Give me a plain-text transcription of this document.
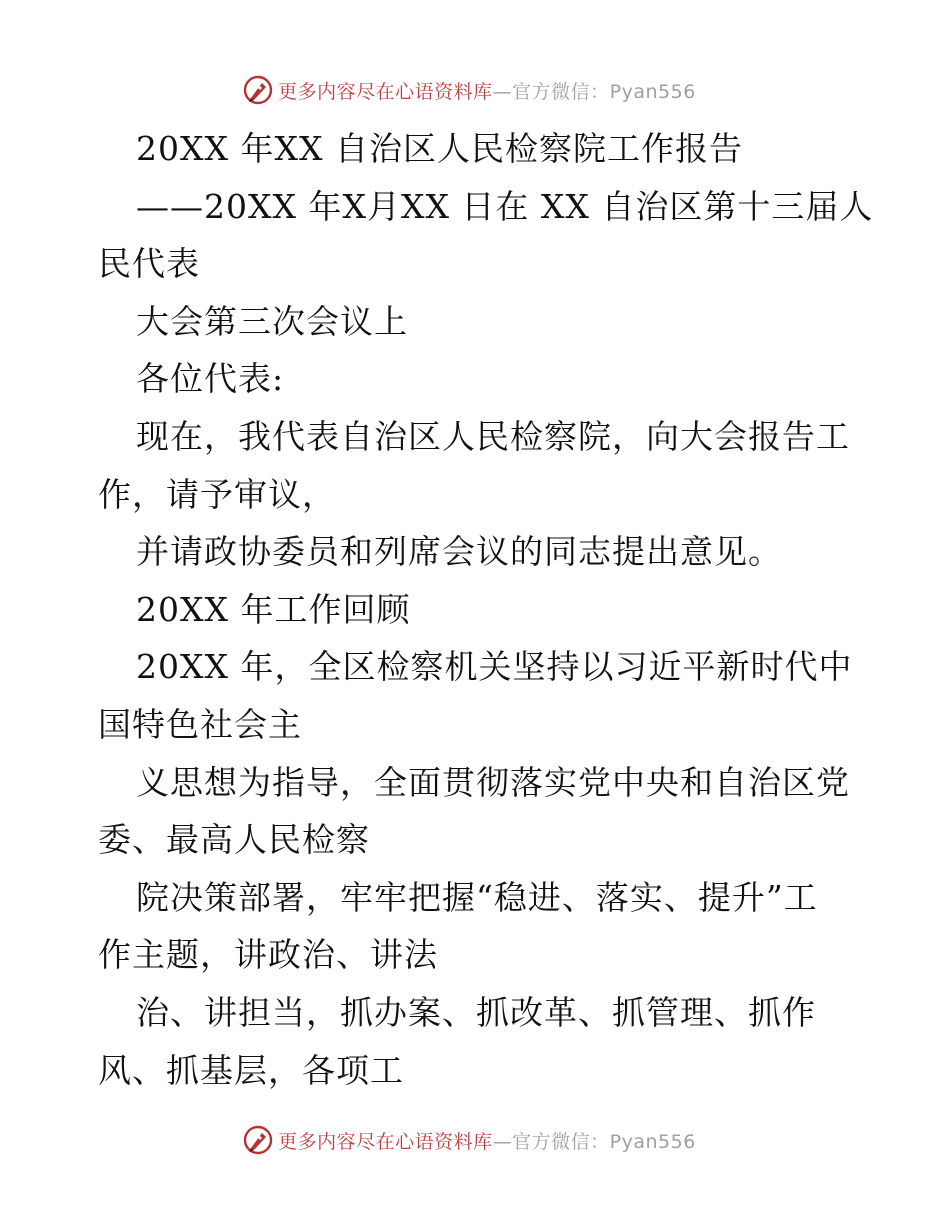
更多内容尽在心语资料库—官方微信：Pyan556
20XX 年XX 自治区人民检察院工作报告
——20XX 年X月XX 日在 XX 自治区第十三届人
民代表
大会第三次会议上
各位代表:
现在，我代表自治区人民检察院，向大会报告工
作，请予审议，
并请政协委员和列席会议的同志提出意见。
20XX 年工作回顾
20XX 年，全区检察机关坚持以习近平新时代中
国特色社会主
义思想为指导，全面贯彻落实党中央和自治区党
委、最高人民检察
院决策部署，牢牢把握“稳进、落实、提升”工
作主题，讲政治、讲法
治、讲担当，抓办案、抓改革、抓管理、抓作
风、抓基层，各项工
更多内容尽在心语资料库—官方微信：Pyan556
